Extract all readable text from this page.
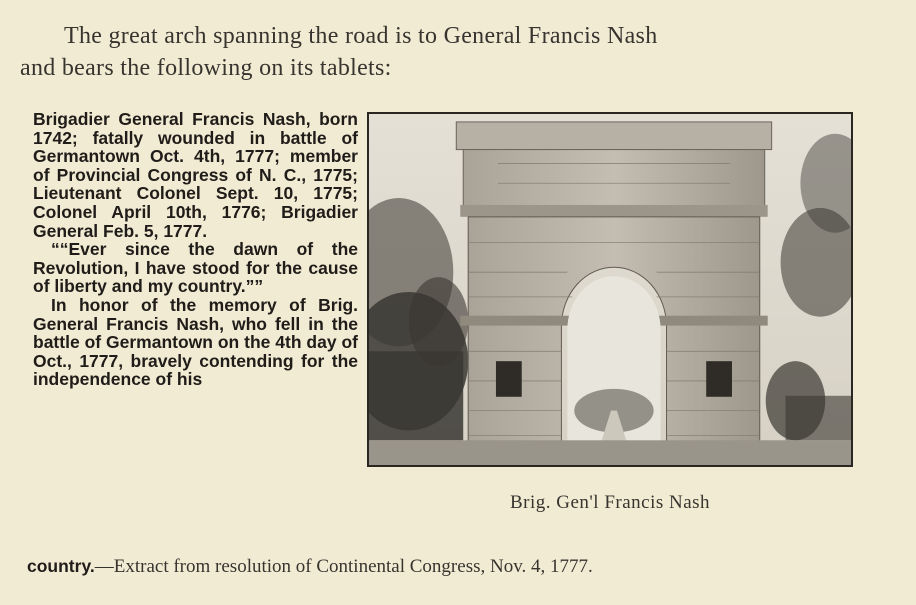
The great arch spanning the road is to General Francis Nash
and bears the following on its tablets:

Brigadier General Francis Nash, born 1742; fatally wounded in battle of Germantown Oct. 4th, 1777; member of Provincial Congress of N. C., 1775; Lieutenant Colonel Sept. 10, 1775; Colonel April 10th, 1776; Brigadier General Feb. 5, 1777.

““Ever since the dawn of the Revolution, I have stood for the cause of liberty and my country.””

In honor of the memory of Brig. General Francis Nash, who fell in the battle of Germantown on the 4th day of Oct., 1777, bravely contending for the independence of his

country.—Extract from resolution of Continental Congress, Nov. 4, 1777.
Brig. Gen'l Francis Nash
